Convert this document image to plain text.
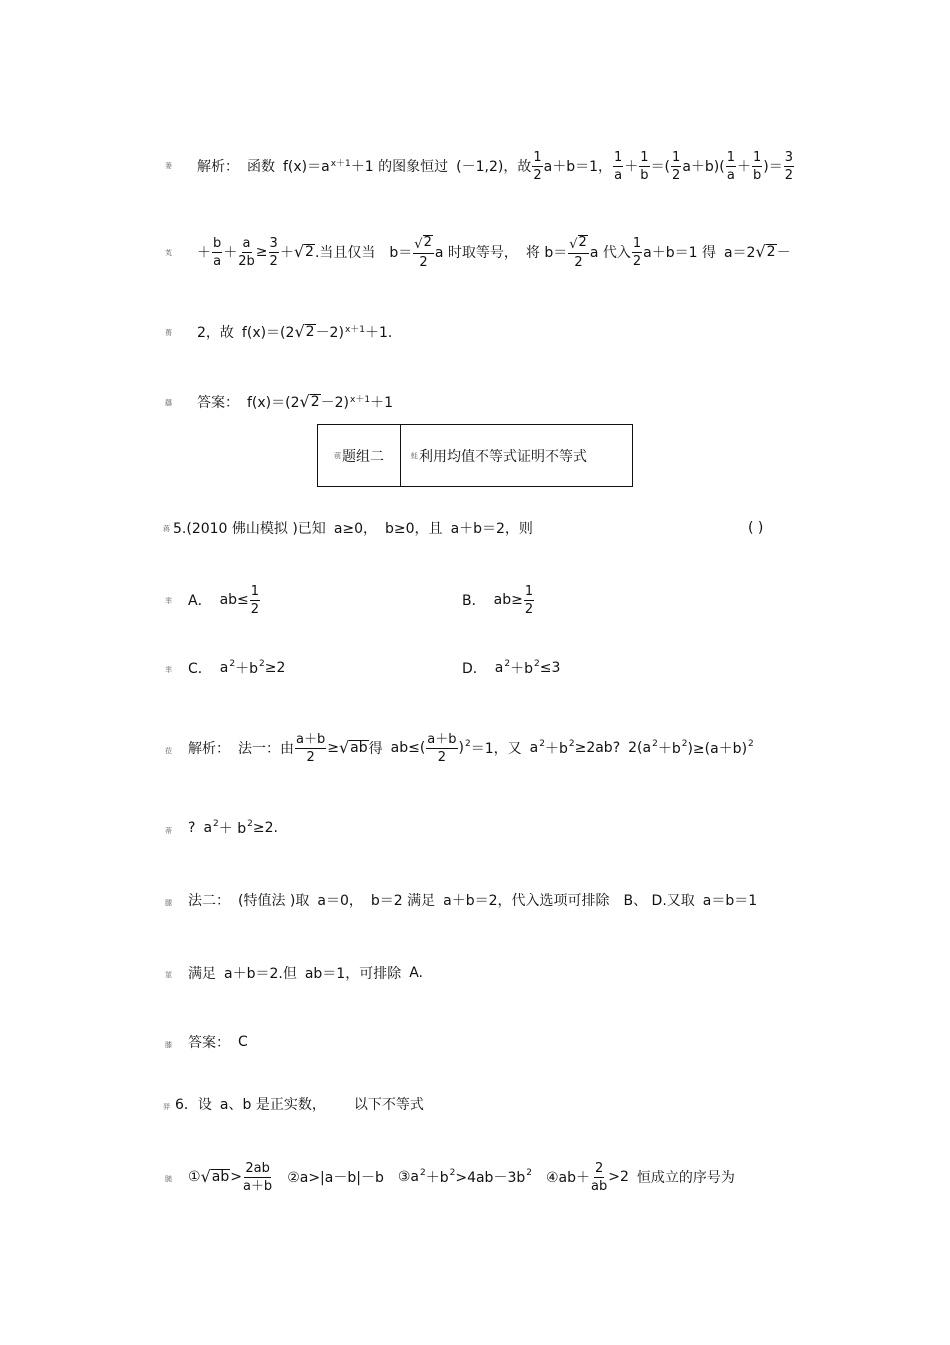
蒌
芄
蒉
羉
蒋
芈
芈
莅
蒂
腿
莁
膝
羿
膇
解析： 函数 $f(x)=a^{x+1} +1$ 的图象恒过 (－1,2)，故 $\frac{1}{2} a+b=1$， $\frac{1}{a} + \frac{1}{b}$ ＝( $\frac{1}{2} a+b)( \frac{1}{a} + \frac{1}{b}$ )＝ $\frac{3}{2}$
＋ $\frac{b}{a} + \frac{a}{2b} \ge \frac{3}{2}$ ＋ √ 2 .当且仅当 $b= \frac{√ 2}{2}$ a 时取等号， 将 $b= \frac{√ 2}{2}$ a 代入 $\frac{1}{2} a+b=1$ 得 a＝2 √ 2 －
2，故 f(x)＝(2 √ 2 －2)$^{x+1}$ ＋1.
答案： f(x)＝(2 √ 2 －2)$^{x+1}$ ＋1
莂 题组二	蚝 利用均值不等式证明不等式
5.(2010 佛山模拟 )已知 a≥0， b≥0，且 a＋b＝2，则	( )
A． $ab\le \frac{1}{2}$	B． $ab\ge \frac{1}{2}$
C． $a^2 +b^2 \ge 2$	D． $a^2 +b^2 \le 3$
解析： 法一：由 $\frac{a+b}{2}$ ≥ √ ab 得 $ab\le( \frac{a+b}{2} )^2 =1$，又 $a^2 +b^2 \ge 2ab$? $2(a^2 +b^2$ )$\ge(a+b)^2$
? $a^2 + b^2 \ge 2$.
法二： (特值法 )取 a＝0， b＝2 满足 a＋b＝2，代入选项可排除 B、 D.又取 a＝b＝1
满足 a＋b＝2.但 ab＝1，可排除 A.
答案： C
6．设 a、b 是正实数， 以下不等式
① √ ab > $\frac{2ab}{a+b}$ ②a>|a－b|－b $③a^2 +b^2 >4ab-3b^2$ ④ab＋ $\frac{2}{ab} >2$ 恒成立的序号为
